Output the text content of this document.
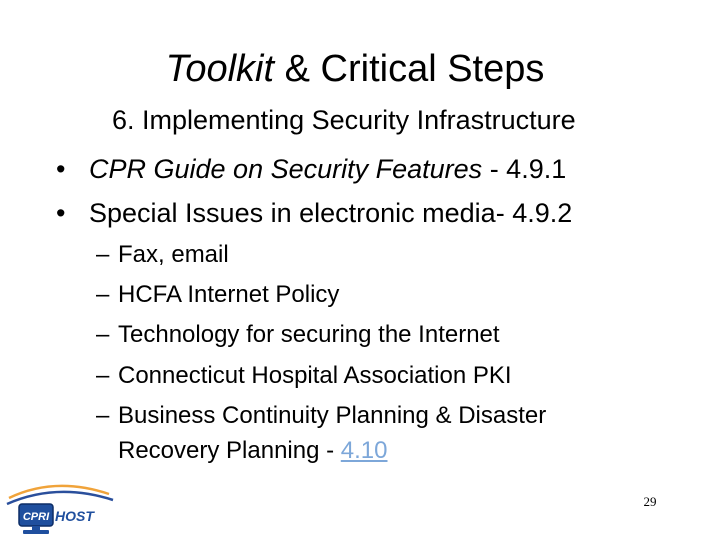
Toolkit & Critical Steps
6. Implementing Security Infrastructure
• CPR Guide on Security Features - 4.9.1
• Special Issues in electronic media- 4.9.2
– Fax, email
– HCFA Internet Policy
– Technology for securing the Internet
– Connecticut Hospital Association PKI
– Business Continuity Planning & Disaster
Recovery Planning - 4.10
29
CPRI HOST
